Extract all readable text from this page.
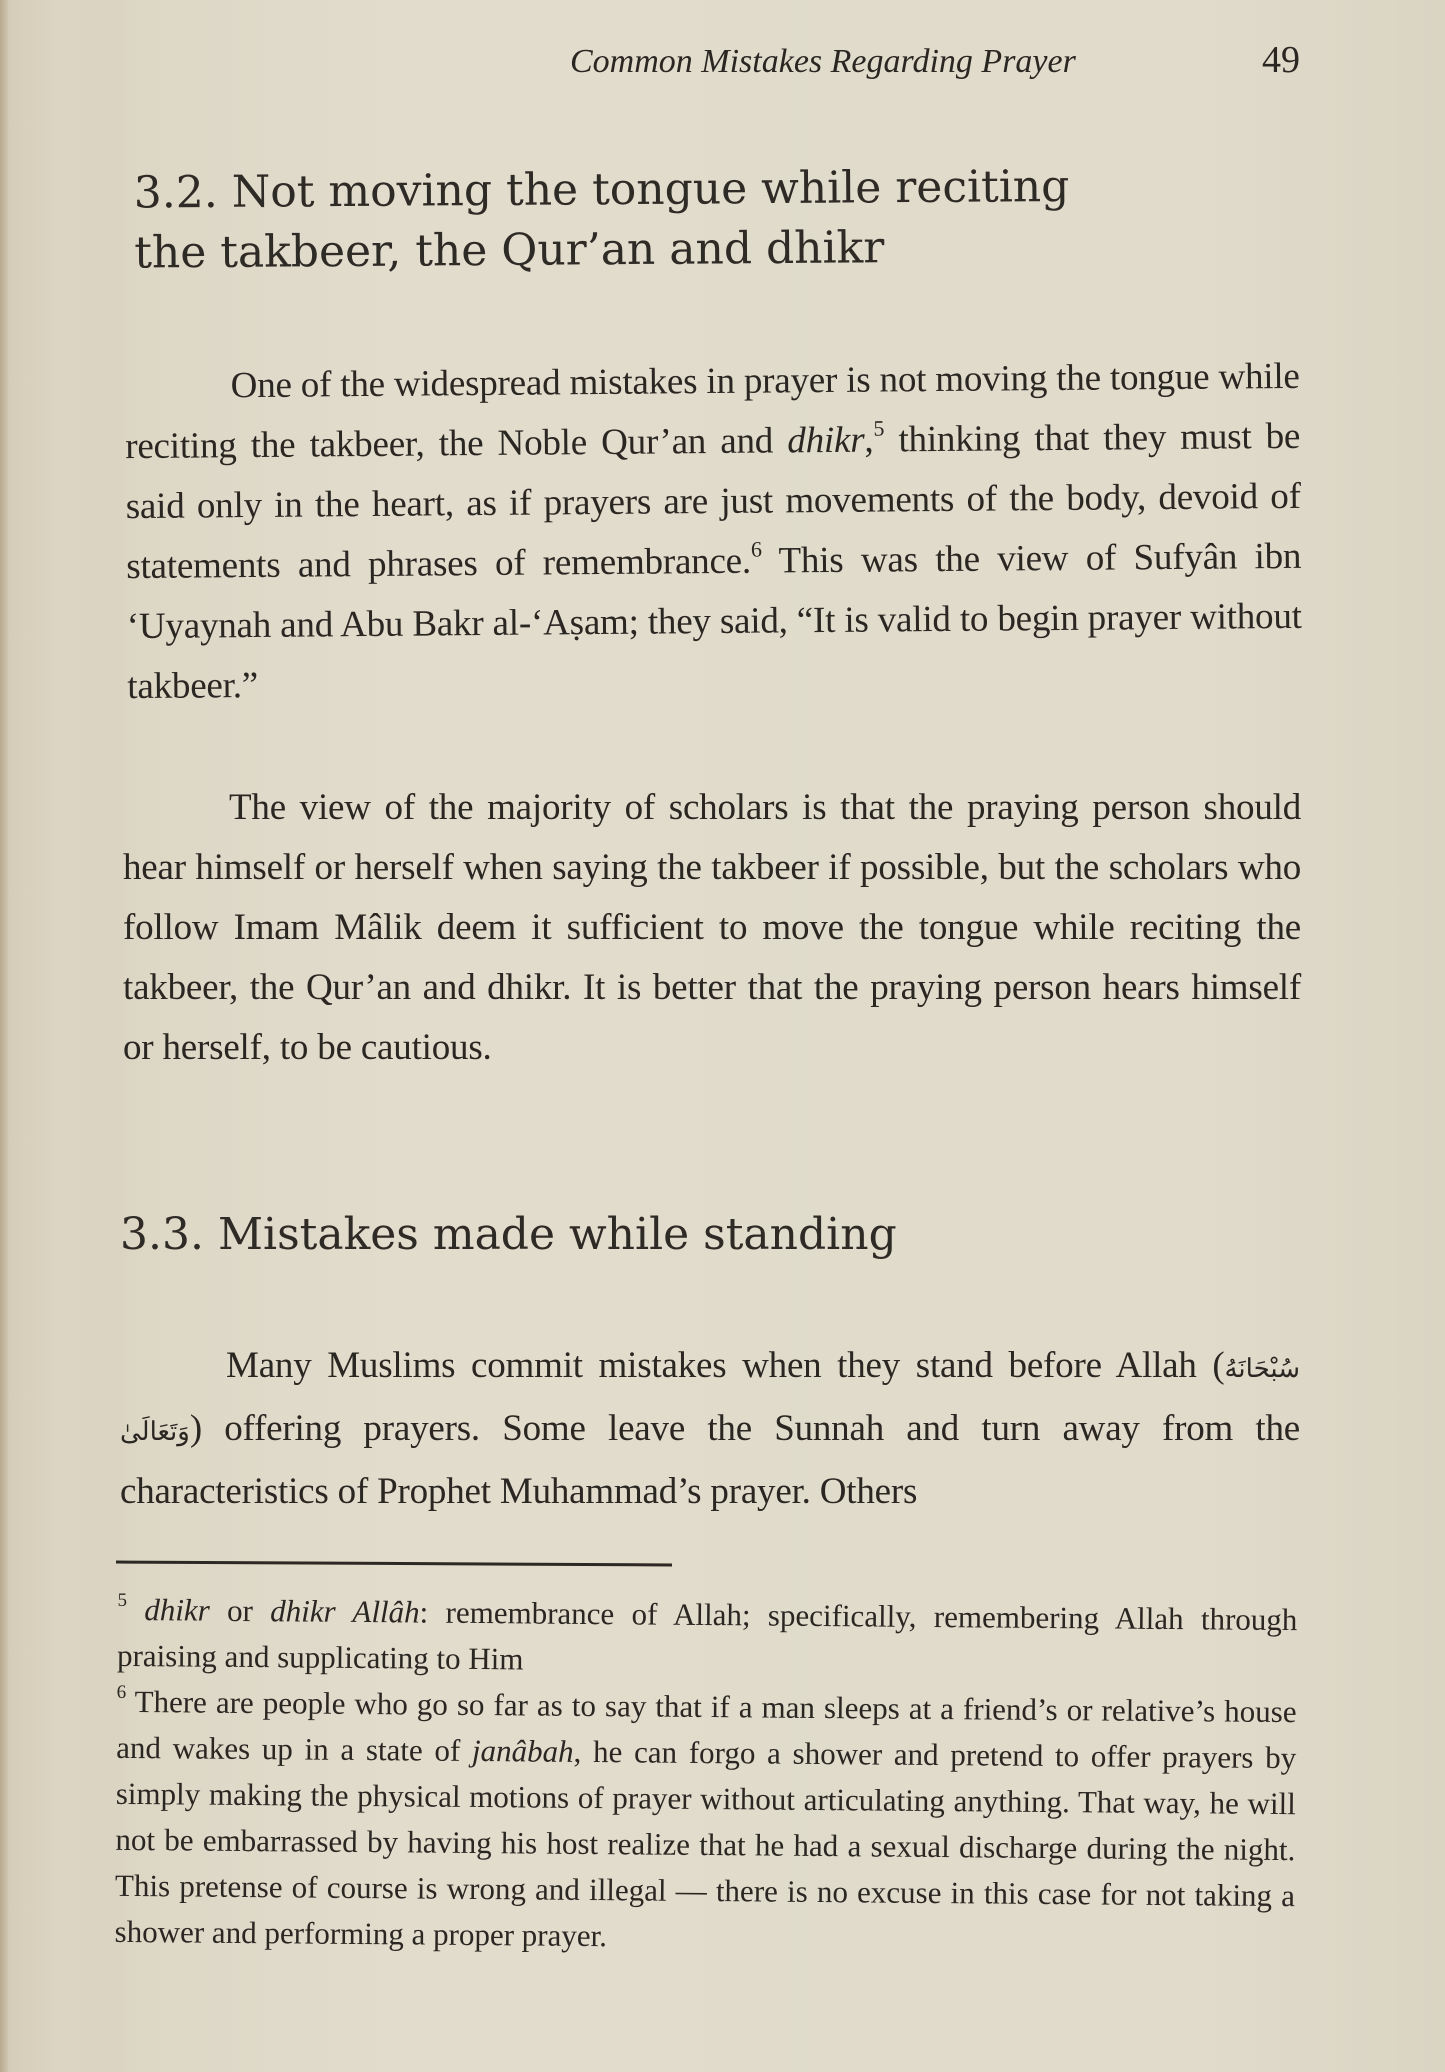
Common Mistakes Regarding Prayer	49
3.2. Not moving the tongue while reciting the takbeer, the Qur’an and dhikr

One of the widespread mistakes in prayer is not moving the tongue while reciting the takbeer, the Noble Qur’an and dhikr,$^5$ thinking that they must be said only in the heart, as if prayers are just movements of the body, devoid of statements and phrases of remembrance.$^6$ This was the view of Sufyân ibn ‘Uyaynah and Abu Bakr al-‘Aṣam; they said, “It is valid to begin prayer without takbeer.”

The view of the majority of scholars is that the praying person should hear himself or herself when saying the takbeer if possible, but the scholars who follow Imam Mâlik deem it sufficient to move the tongue while reciting the takbeer, the Qur’an and dhikr. It is better that the praying person hears himself or herself, to be cautious.

3.3. Mistakes made while standing

Many Muslims commit mistakes when they stand before Allah (سُبْحَانَهُ وَتَعَالَىٰ) offering prayers. Some leave the Sunnah and turn away from the characteristics of Prophet Muhammad’s prayer. Others

$^5$ dhikr or dhikr Allâh: remembrance of Allah; specifically, remembering Allah through praising and supplicating to Him

$^6$ There are people who go so far as to say that if a man sleeps at a friend’s or relative’s house and wakes up in a state of janâbah, he can forgo a shower and pretend to offer prayers by simply making the physical motions of prayer without articulating anything. That way, he will not be embarrassed by having his host realize that he had a sexual discharge during the night. This pretense of course is wrong and illegal — there is no excuse in this case for not taking a shower and performing a proper prayer.
